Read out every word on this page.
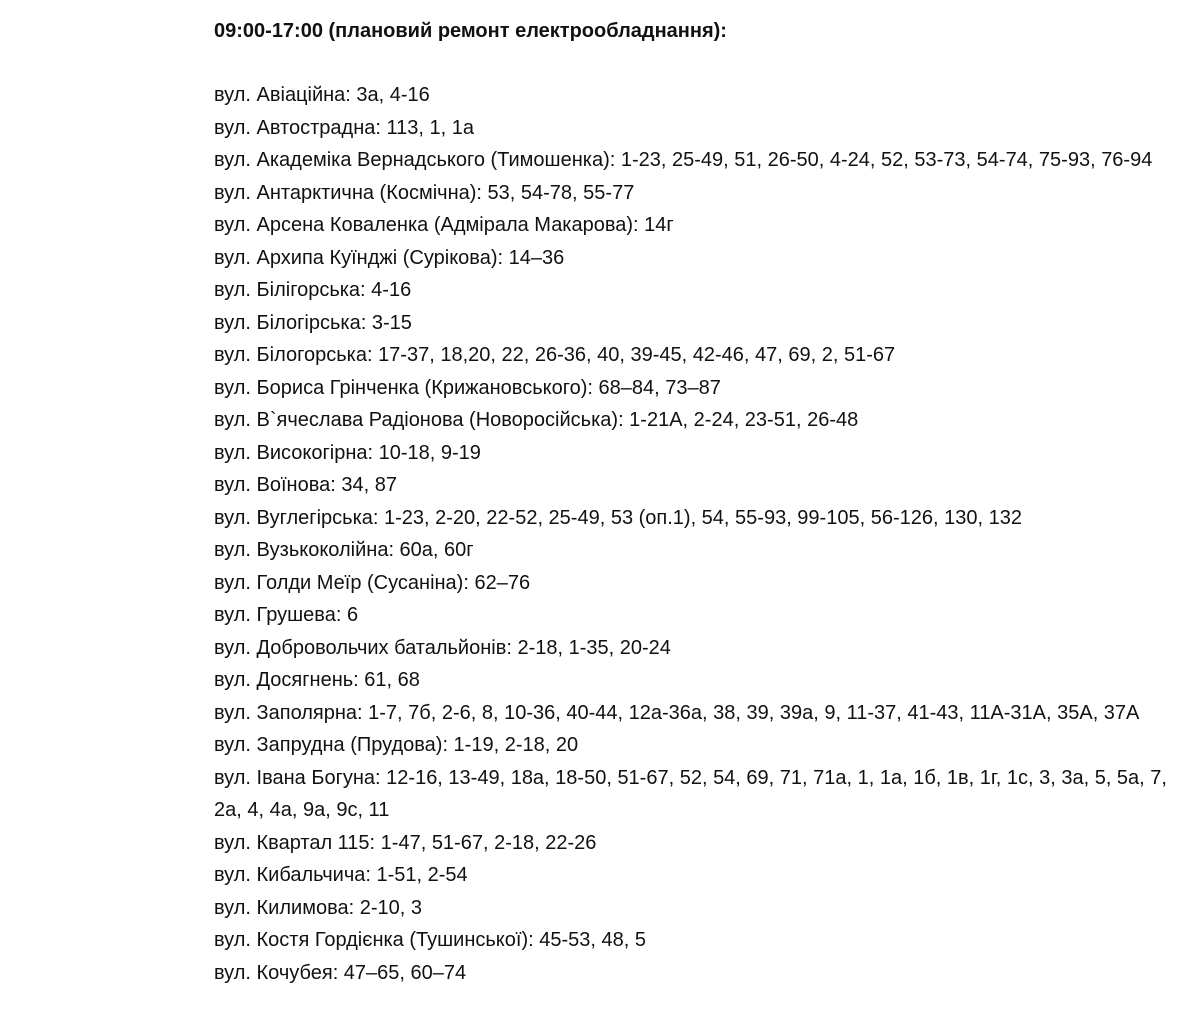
09:00-17:00 (плановий ремонт електрообладнання):

вул. Авіаційна: 3а, 4-16
вул. Автострадна: 113, 1, 1а
вул. Академіка Вернадського (Тимошенка): 1-23, 25-49, 51, 26-50, 4-24, 52, 53-73, 54-74, 75-93, 76-94
вул. Антарктична (Космічна): 53, 54-78, 55-77
вул. Арсена Коваленка (Адмірала Макарова): 14г
вул. Архипа Куїнджі (Сурікова): 14–36
вул. Білігорська: 4-16
вул. Білогірська: 3-15
вул. Білогорська: 17-37, 18,20, 22, 26-36, 40, 39-45, 42-46, 47, 69, 2, 51-67
вул. Бориса Грінченка (Крижановського): 68–84, 73–87
вул. В`ячеслава Радіонова (Новоросійська): 1-21А, 2-24, 23-51, 26-48
вул. Високогірна: 10-18, 9-19
вул. Воїнова: 34, 87
вул. Вуглегірська: 1-23, 2-20, 22-52, 25-49, 53 (оп.1), 54, 55-93, 99-105, 56-126, 130, 132
вул. Вузькоколійна: 60а, 60г
вул. Голди Меїр (Сусаніна): 62–76
вул. Грушева: 6
вул. Добровольчих батальйонів: 2-18, 1-35, 20-24
вул. Досягнень: 61, 68
вул. Заполярна: 1-7, 7б, 2-6, 8, 10-36, 40-44, 12а-36а, 38, 39, 39а, 9, 11-37, 41-43, 11А-31А, 35А, 37А
вул. Запрудна (Прудова): 1-19, 2-18, 20
вул. Івана Богуна: 12-16, 13-49, 18а, 18-50, 51-67, 52, 54, 69, 71, 71а, 1, 1а, 1б, 1в, 1г, 1с, 3, 3а, 5, 5а, 7, 2а, 4, 4а, 9а, 9с, 11
вул. Квартал 115: 1-47, 51-67, 2-18, 22-26
вул. Кибальчича: 1-51, 2-54
вул. Килимова: 2-10, 3
вул. Костя Гордієнка (Тушинської): 45-53, 48, 5
вул. Кочубея: 47–65, 60–74
